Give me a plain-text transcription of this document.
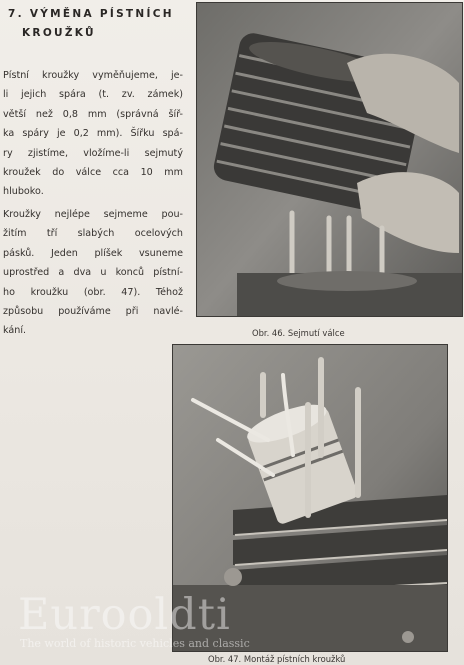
7. VÝMĚNA PÍSTNÍCH
KROUŽKŮ

Pístní kroužky vyměňujeme, je-
li jejich spára (t. zv. zámek)
větší než 0,8 mm (správná šíř-
ka spáry je 0,2 mm). Šířku spá-
ry zjistíme, vložíme-li sejmutý
kroužek do válce cca 10 mm
hluboko.

Kroužky nejlépe sejmeme pou-
žitím tří slabých ocelových
pásků. Jeden plíšek vsuneme
uprostřed a dva u konců pístní-
ho kroužku (obr. 47). Téhož
způsobu používáme při navlé-
kání.	Obr. 46. Sejmutí válce
Obr. 47. Montáž pístních kroužků
Eurooldti
The world of historic vehicles and classic
